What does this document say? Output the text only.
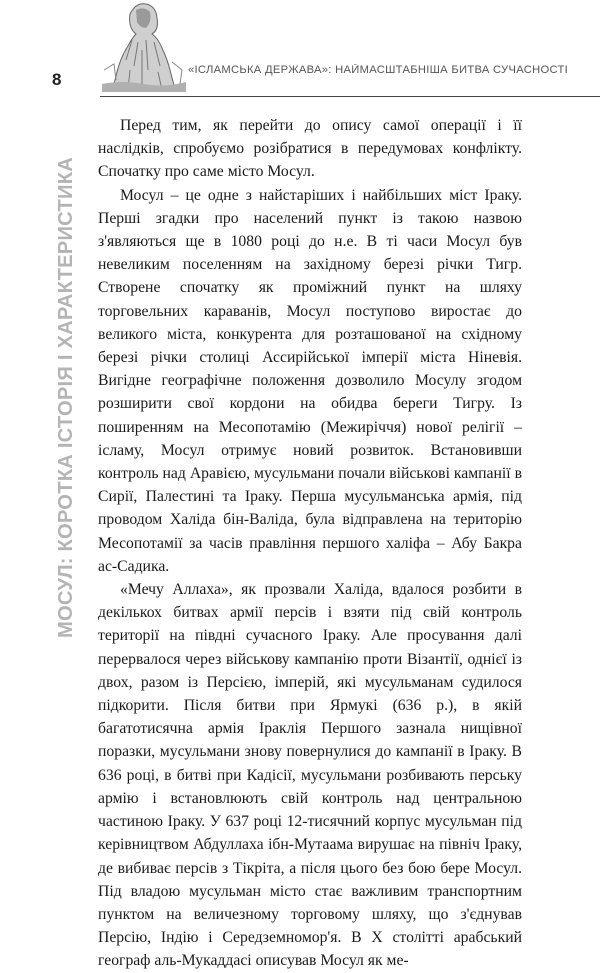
8	«ІСЛАМСЬКА ДЕРЖАВА»: НАЙМАСШТАБНІША БИТВА СУЧАСНОСТІ
МОСУЛ: КОРОТКА ІСТОРІЯ І ХАРАКТЕРИСТИКА

Перед тим, як перейти до опису самої операції і її наслідків, спробуємо розібратися в передумовах конфлікту. Спочатку про саме місто Мосул.

Мосул – це одне з найстаріших і найбільших міст Іраку. Перші згадки про населений пункт із такою назвою з'являються ще в 1080 році до н.е. В ті часи Мосул був невеликим поселенням на західному березі річки Тигр. Створене спочатку як проміжний пункт на шляху торговельних караванів, Мосул поступово виростає до великого міста, конкурента для розташованої на східному березі річки столиці Ассирійської імперії міста Ніневія. Вигідне географічне положення дозволило Мосулу згодом розширити свої кордони на обидва береги Тигру. Із поширенням на Месопотамію (Межиріччя) нової релігії – ісламу, Мосул отримує новий розвиток. Встановивши контроль над Аравією, мусульмани почали військові кампанії в Сирії, Палестині та Іраку. Перша мусульманська армія, під проводом Халіда бін-Валіда, була відправлена на територію Месопотамії за часів правління першого халіфа – Абу Бакра ас-Садика.

«Мечу Аллаха», як прозвали Халіда, вдалося розбити в декількох битвах армії персів і взяти під свій контроль території на півдні сучасного Іраку. Але просування далі перервалося через військову кампанію проти Візантії, однієї із двох, разом із Персією, імперій, які мусульманам судилося підкорити. Після битви при Ярмукі (636 р.), в якій багатотисячна армія Іраклія Першого зазнала нищівної поразки, мусульмани знову повернулися до кампанії в Іраку. В 636 році, в битві при Кадісії, мусульмани розбивають перську армію і встановлюють свій контроль над центральною частиною Іраку. У 637 році 12-тисячний корпус мусульман під керівництвом Абдуллаха ібн-Мутаама вирушає на північ Іраку, де вибиває персів з Тікріта, а після цього без бою бере Мосул. Під владою мусульман місто стає важливим транспортним пунктом на величезному торговому шляху, що з'єднував Персію, Індію і Середземномор'я. В X столітті арабський географ аль-Мукаддасі описував Мосул як ме-
